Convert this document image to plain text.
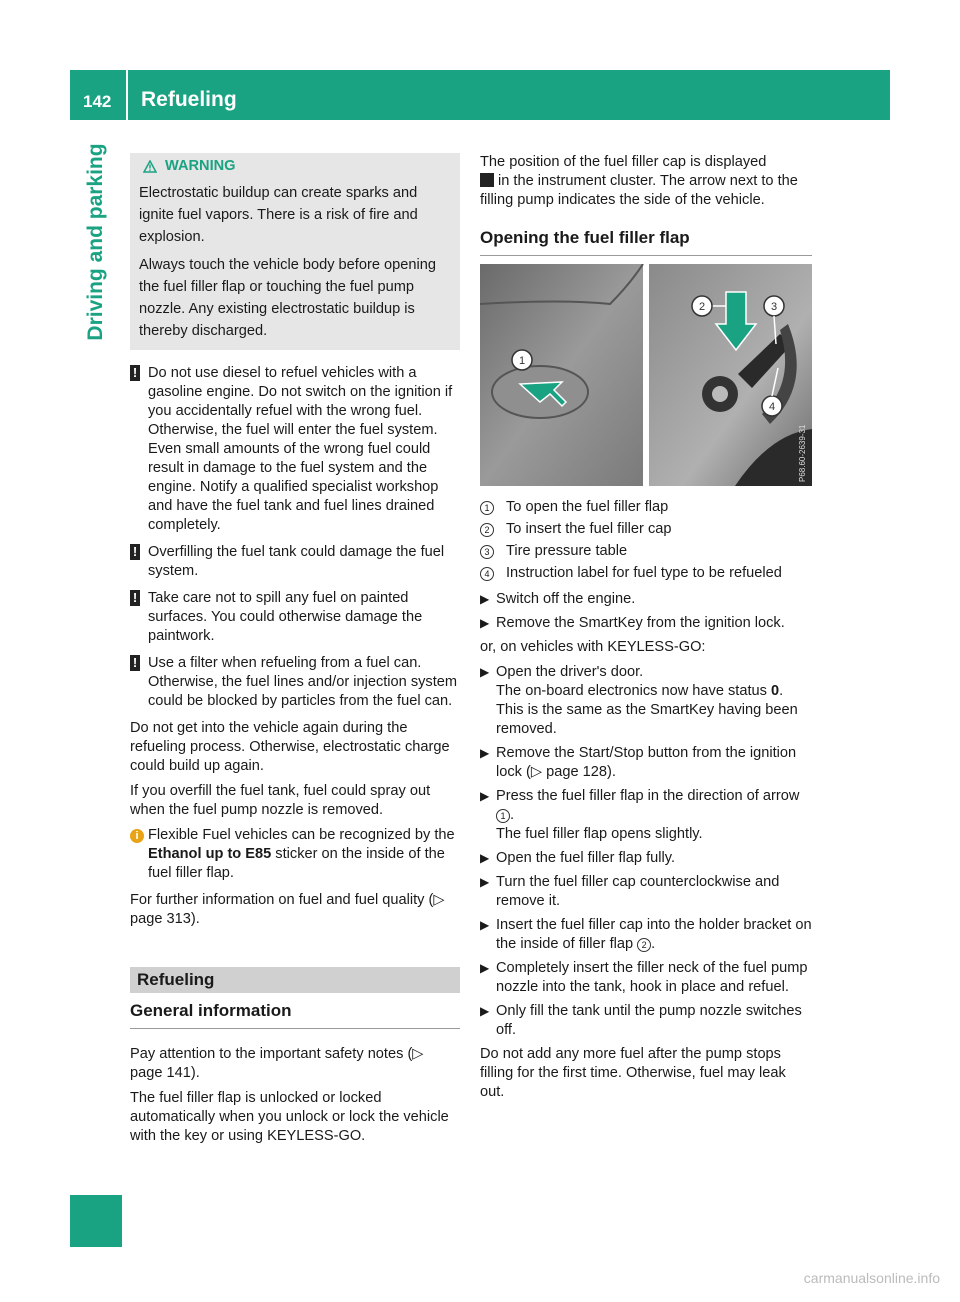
142 Refueling
Driving and parking	WARNING

Electrostatic buildup can create sparks and ignite fuel vapors. There is a risk of fire and explosion.

Always touch the vehicle body before opening the fuel filler flap or touching the fuel pump nozzle. Any existing electrostatic buildup is thereby discharged.

! Do not use diesel to refuel vehicles with a gasoline engine. Do not switch on the ignition if you accidentally refuel with the wrong fuel. Otherwise, the fuel will enter the fuel system. Even small amounts of the wrong fuel could result in damage to the fuel system and the engine. Notify a qualified specialist workshop and have the fuel tank and fuel lines drained completely.
! Overfilling the fuel tank could damage the fuel system.
! Take care not to spill any fuel on painted surfaces. You could otherwise damage the paintwork.
! Use a filter when refueling from a fuel can. Otherwise, the fuel lines and/or injection system could be blocked by particles from the fuel can.

Do not get into the vehicle again during the refueling process. Otherwise, electrostatic charge could build up again.

If you overfill the fuel tank, fuel could spray out when the fuel pump nozzle is removed.

i Flexible Fuel vehicles can be recognized by the Ethanol up to E85 sticker on the inside of the fuel filler flap.

For further information on fuel and fuel quality (▷ page 313).

Refueling
General information

Pay attention to the important safety notes (▷ page 141).

The fuel filler flap is unlocked or locked automatically when you unlock or lock the vehicle with the key or using KEYLESS-GO.

The position of the fuel filler cap is displayed
in the instrument cluster. The arrow next to the filling pump indicates the side of the vehicle.

Opening the fuel filler flap
1
2	3
4
P68.60-2639-31
1	To open the fuel filler flap
2	To insert the fuel filler cap
3	Tire pressure table
4	Instruction label for fuel type to be refueled
▶ Switch off the engine.
▶ Remove the SmartKey from the ignition lock.

or, on vehicles with KEYLESS-GO:

▶ Open the driver's door.
The on-board electronics now have status 0.
This is the same as the SmartKey having been removed.
▶ Remove the Start/Stop button from the ignition lock (▷ page 128).
▶ Press the fuel filler flap in the direction of arrow 1 .
The fuel filler flap opens slightly.
▶ Open the fuel filler flap fully.
▶ Turn the fuel filler cap counterclockwise and remove it.
▶ Insert the fuel filler cap into the holder bracket on the inside of filler flap 2 .
▶ Completely insert the filler neck of the fuel pump nozzle into the tank, hook in place and refuel.
▶ Only fill the tank until the pump nozzle switches off.

Do not add any more fuel after the pump stops filling for the first time. Otherwise, fuel may leak out.

carmanualsonline.info
